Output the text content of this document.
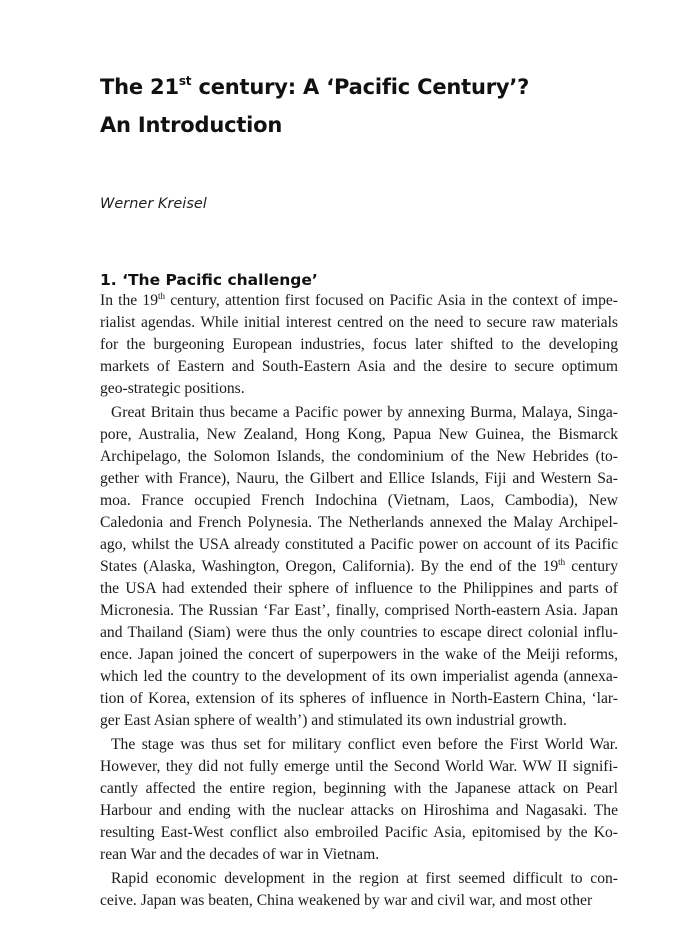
The 21st century: A ‘Pacific Century’?
An Introduction
Werner Kreisel
1. ‘The Pacific challenge’
In the 19th century, attention first focused on Pacific Asia in the context of impe-
rialist agendas. While initial interest centred on the need to secure raw materials
for the burgeoning European industries, focus later shifted to the developing
markets of Eastern and South-Eastern Asia and the desire to secure optimum
geo-strategic positions.
Great Britain thus became a Pacific power by annexing Burma, Malaya, Singa-
pore, Australia, New Zealand, Hong Kong, Papua New Guinea, the Bismarck
Archipelago, the Solomon Islands, the condominium of the New Hebrides (to-
gether with France), Nauru, the Gilbert and Ellice Islands, Fiji and Western Sa-
moa. France occupied French Indochina (Vietnam, Laos, Cambodia), New
Caledonia and French Polynesia. The Netherlands annexed the Malay Archipel-
ago, whilst the USA already constituted a Pacific power on account of its Pacific
States (Alaska, Washington, Oregon, California). By the end of the 19th century
the USA had extended their sphere of influence to the Philippines and parts of
Micronesia. The Russian ‘Far East’, finally, comprised North-eastern Asia. Japan
and Thailand (Siam) were thus the only countries to escape direct colonial influ-
ence. Japan joined the concert of superpowers in the wake of the Meiji reforms,
which led the country to the development of its own imperialist agenda (annexa-
tion of Korea, extension of its spheres of influence in North-Eastern China, ‘lar-
ger East Asian sphere of wealth’) and stimulated its own industrial growth.
The stage was thus set for military conflict even before the First World War.
However, they did not fully emerge until the Second World War. WW II signifi-
cantly affected the entire region, beginning with the Japanese attack on Pearl
Harbour and ending with the nuclear attacks on Hiroshima and Nagasaki. The
resulting East-West conflict also embroiled Pacific Asia, epitomised by the Ko-
rean War and the decades of war in Vietnam.
Rapid economic development in the region at first seemed difficult to con-
ceive. Japan was beaten, China weakened by war and civil war, and most other
